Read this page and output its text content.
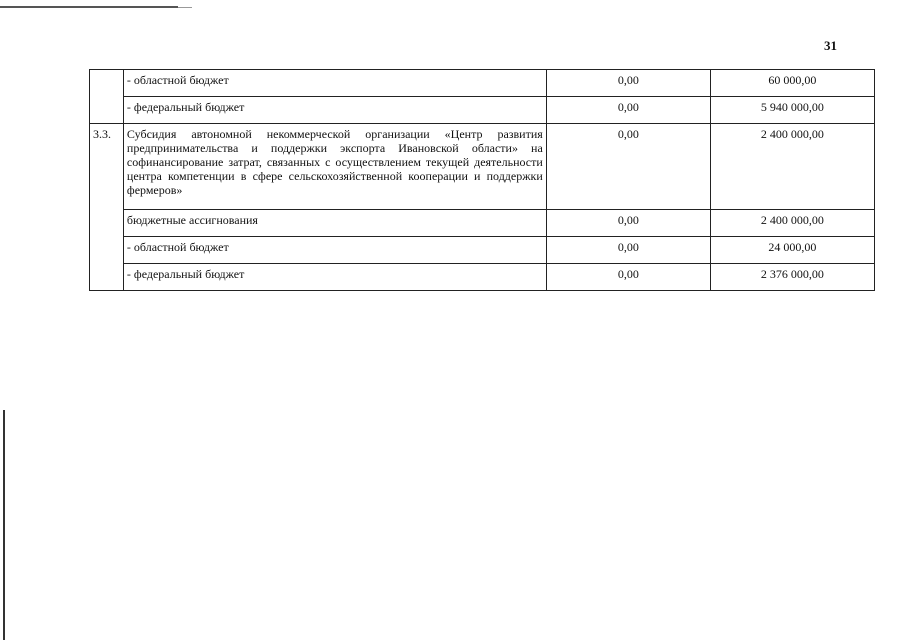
31
	- областной бюджет	0,00	60 000,00
	- федеральный бюджет	0,00	5 940 000,00
3.3.	Субсидия автономной некоммерческой организации «Центр развития предпринимательства и поддержки экспорта Ивановской области» на софинансирование затрат, связанных с осуществлением текущей деятельности центра компетенции в сфере сельскохозяйственной кооперации и поддержки фермеров»	0,00	2 400 000,00
	бюджетные ассигнования	0,00	2 400 000,00
	- областной бюджет	0,00	24 000,00
	- федеральный бюджет	0,00	2 376 000,00
